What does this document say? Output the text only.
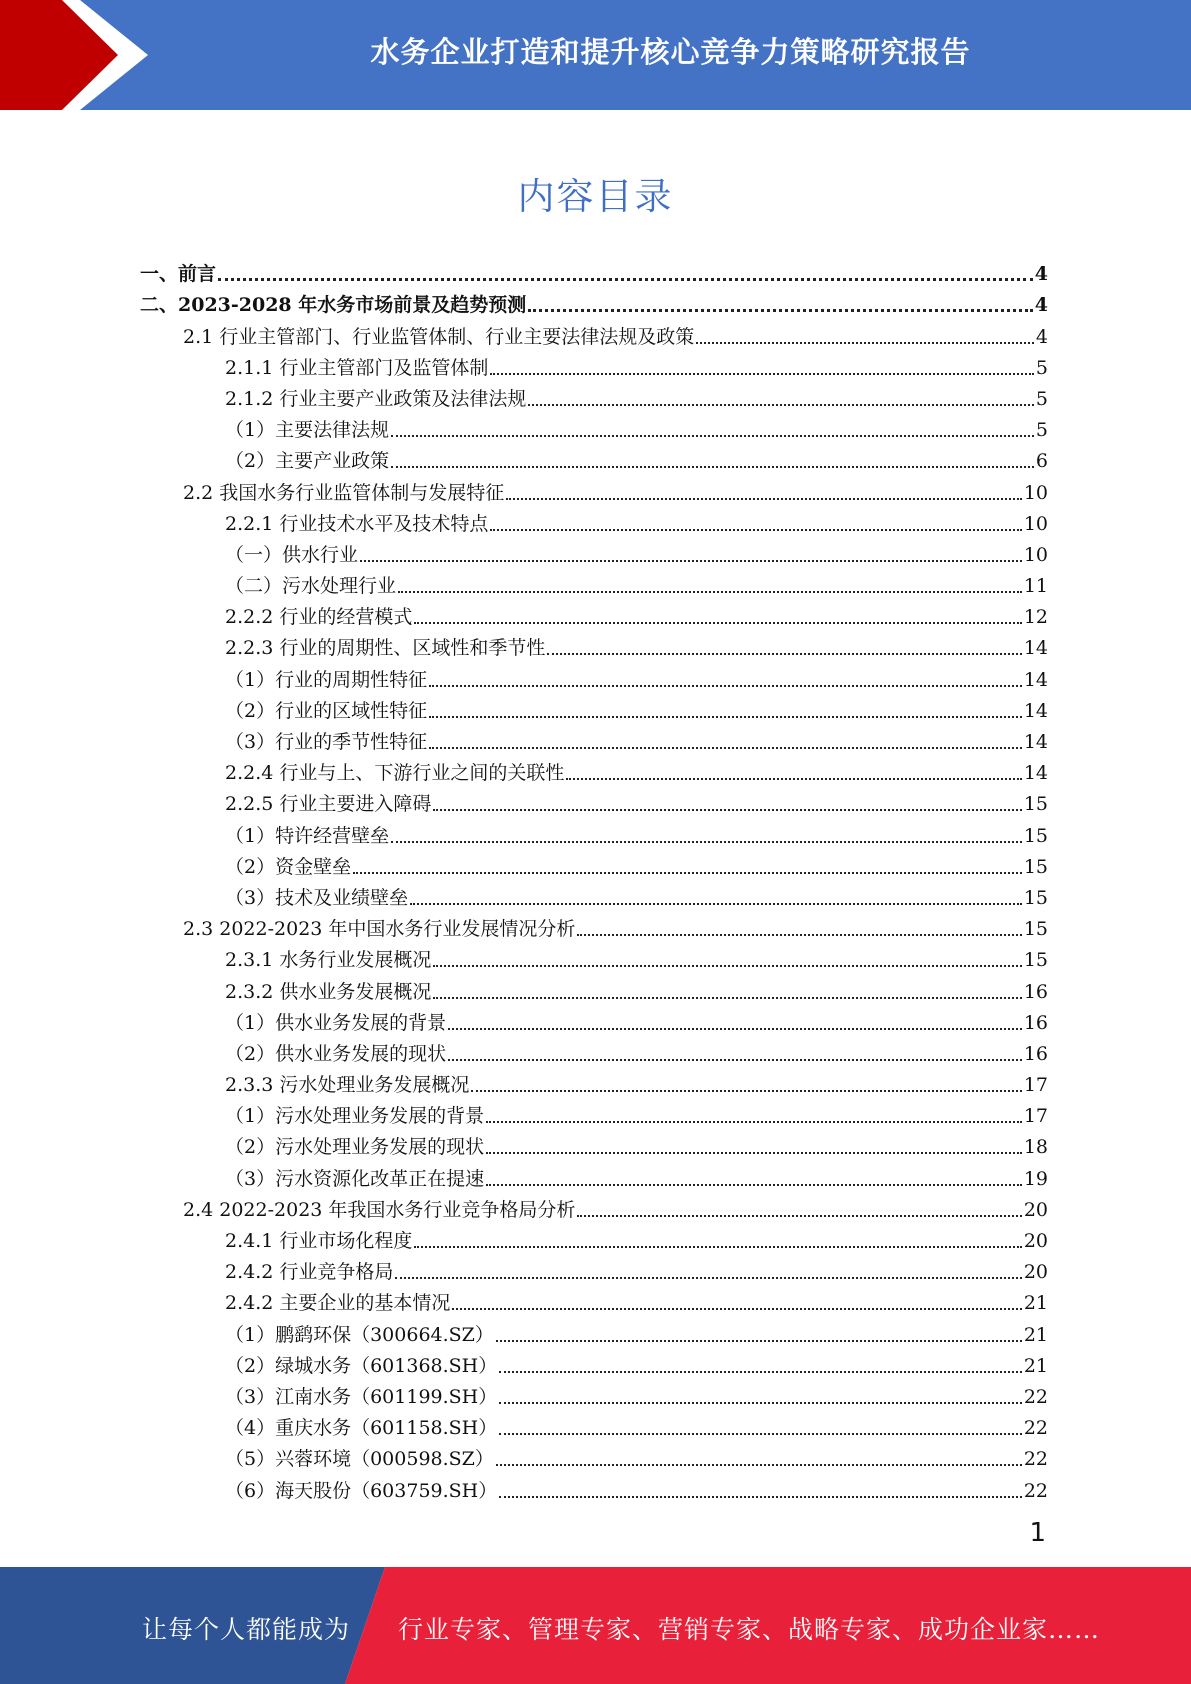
水务企业打造和提升核心竞争力策略研究报告
内容目录
一、前言	4
二、2023-2028 年水务市场前景及趋势预测	4
2.1 行业主管部门、行业监管体制、行业主要法律法规及政策	4
2.1.1 行业主管部门及监管体制	5
2.1.2 行业主要产业政策及法律法规	5
（1）主要法律法规	5
（2）主要产业政策	6
2.2 我国水务行业监管体制与发展特征	10
2.2.1 行业技术水平及技术特点	10
（一）供水行业	10
（二）污水处理行业	11
2.2.2 行业的经营模式	12
2.2.3 行业的周期性、区域性和季节性	14
（1）行业的周期性特征	14
（2）行业的区域性特征	14
（3）行业的季节性特征	14
2.2.4 行业与上、下游行业之间的关联性	14
2.2.5 行业主要进入障碍	15
（1）特许经营壁垒	15
（2）资金壁垒	15
（3）技术及业绩壁垒	15
2.3 2022-2023 年中国水务行业发展情况分析	15
2.3.1 水务行业发展概况	15
2.3.2 供水业务发展概况	16
（1）供水业务发展的背景	16
（2）供水业务发展的现状	16
2.3.3 污水处理业务发展概况	17
（1）污水处理业务发展的背景	17
（2）污水处理业务发展的现状	18
（3）污水资源化改革正在提速	19
2.4 2022-2023 年我国水务行业竞争格局分析	20
2.4.1 行业市场化程度	20
2.4.2 行业竞争格局	20
2.4.2 主要企业的基本情况	21
（1）鹏鹞环保（300664.SZ）	21
（2）绿城水务（601368.SH）	21
（3）江南水务（601199.SH）	22
（4）重庆水务（601158.SH）	22
（5）兴蓉环境（000598.SZ）	22
（6）海天股份（603759.SH）	22
1
让每个人都能成为 行业专家、管理专家、营销专家、战略专家、成功企业家……
